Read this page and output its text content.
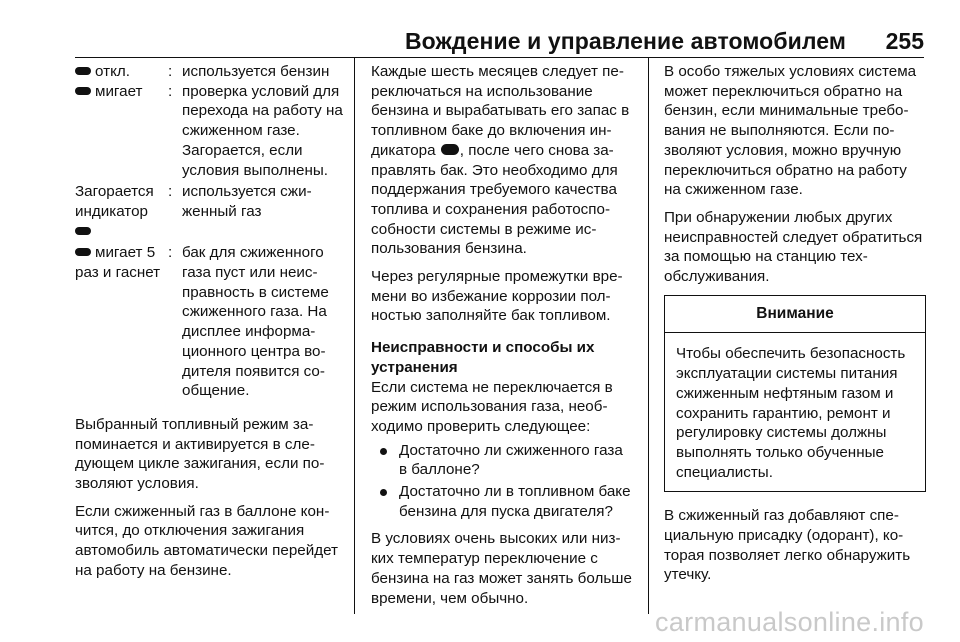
Вождение и управление автомобилем 255
откл.	: используется бензин
мигает	: проверка условий для перехода на работу на сжиженном газе. Загорается, если условия выполнены.
Загорается индикатор

: используется сжиженный газ
мигает 5 раз и гаснет
: бак для сжиженного газа пуст или неисправность в системе сжиженного газа. На дисплее информационного центра водителя появится сообщение.

Выбранный топливный режим запоминается и активируется в следующем цикле зажигания, если позволяют условия.

Если сжиженный газ в баллоне кончится, до отключения зажигания автомобиль автоматически перейдет на работу на бензине.

Каждые шесть месяцев следует переключаться на использование бензина и вырабатывать его запас в топливном баке до включения индикатора , после чего снова заправлять бак. Это необходимо для поддержания требуемого качества топлива и сохранения работоспособности системы в режиме использования бензина.

Через регулярные промежутки времени во избежание коррозии полностью заполняйте бак топливом.

Неисправности и способы их устранения

Если система не переключается в режим использования газа, необходимо проверить следующее:

Достаточно ли сжиженного газа в баллоне?
Достаточно ли в топливном баке бензина для пуска двигателя?

В условиях очень высоких или низких температур переключение с бензина на газ может занять больше времени, чем обычно.

В особо тяжелых условиях система может переключиться обратно на бензин, если минимальные требования не выполняются. Если позволяют условия, можно вручную переключиться обратно на работу на сжиженном газе.

При обнаружении любых других неисправностей следует обратиться за помощью на станцию техобслуживания.

Внимание
Чтобы обеспечить безопасность эксплуатации системы питания сжиженным нефтяным газом и сохранить гарантию, ремонт и регулировку системы должны выполнять только обученные специалисты.

В сжиженный газ добавляют специальную присадку (одорант), которая позволяет легко обнаружить утечку.

carmanualsonline.info
